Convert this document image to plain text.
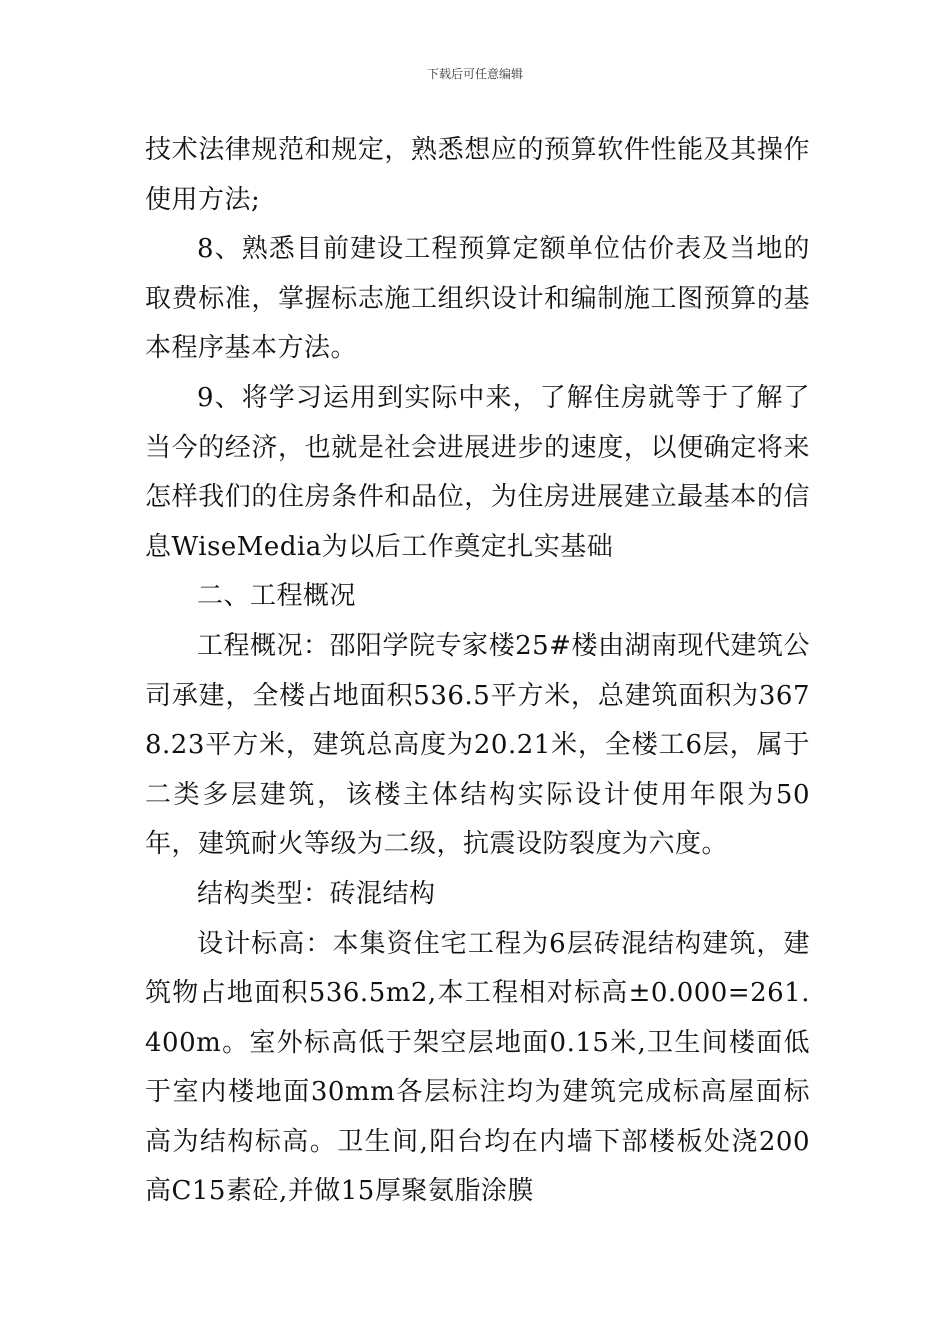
下载后可任意编辑

技术法律规范和规定，熟悉想应的预算软件性能及其操作使用方法;

8、熟悉目前建设工程预算定额单位估价表及当地的取费标准，掌握标志施工组织设计和编制施工图预算的基本程序基本方法。

9、将学习运用到实际中来，了解住房就等于了解了当今的经济，也就是社会进展进步的速度，以便确定将来怎样我们的住房条件和品位，为住房进展建立最基本的信息WiseMedia为以后工作奠定扎实基础

二、工程概况

工程概况：邵阳学院专家楼25#楼由湖南现代建筑公司承建，全楼占地面积536.5平方米，总建筑面积为3678.23平方米，建筑总高度为20.21米，全楼工6层，属于二类多层建筑，该楼主体结构实际设计使用年限为50年，建筑耐火等级为二级，抗震设防裂度为六度。

结构类型：砖混结构

设计标高：本集资住宅工程为6层砖混结构建筑，建筑物占地面积536.5m2,本工程相对标高±0.000=261.400m。室外标高低于架空层地面0.15米,卫生间楼面低于室内楼地面30mm各层标注均为建筑完成标高屋面标高为结构标高。卫生间,阳台均在内墙下部楼板处浇200高C15素砼,并做15厚聚氨脂涂膜
